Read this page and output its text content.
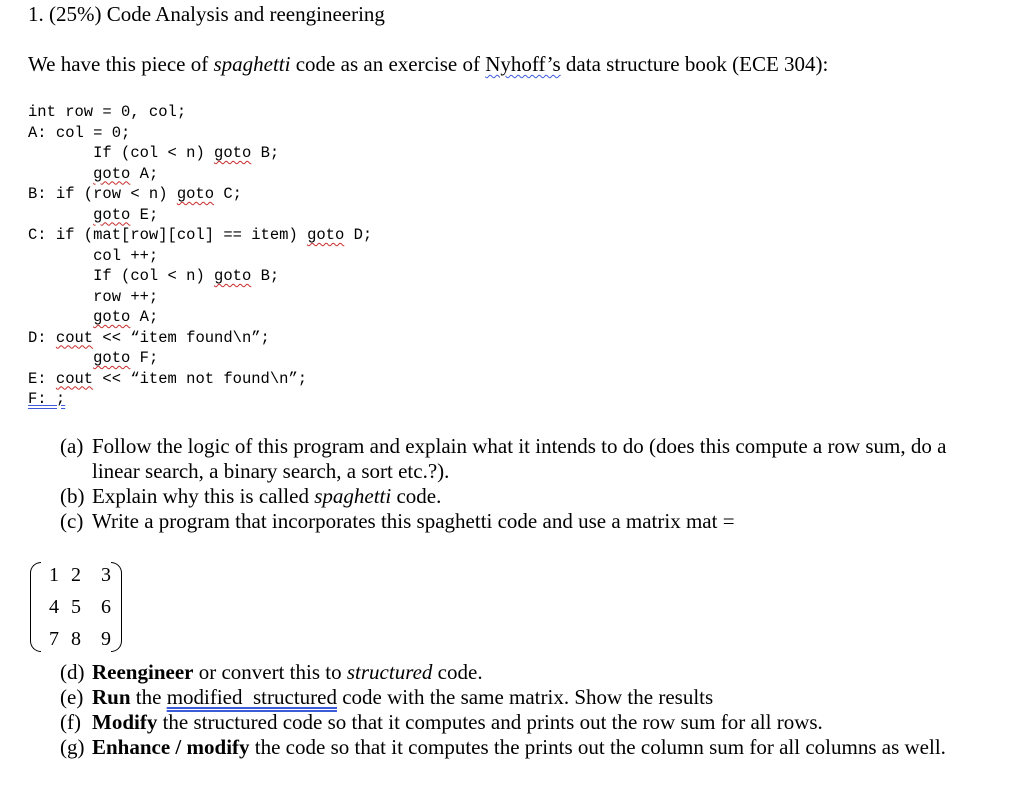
1. (25%) Code Analysis and reengineering
We have this piece of spaghetti code as an exercise of Nyhoff’s data structure book (ECE 304):
int row = 0, col;
A: col = 0;
If (col < n) goto B;
goto A;
B: if (row < n) goto C;
goto E;
C: if (mat[row][col] == item) goto D;
col ++;
If (col < n) goto B;
row ++;
goto A;
D: cout << “item found\n”;
goto F;
E: cout << “item not found\n”;
F: ;
(a) Follow the logic of this program and explain what it intends to do (does this compute a row sum, do a linear search, a binary search, a sort etc.?).
(b) Explain why this is called spaghetti code.
(c) Write a program that incorporates this spaghetti code and use a matrix mat =
1 2 3
4 5 6
7 8 9
(d) Reengineer or convert this to structured code.
(e) Run the modified  structured code with the same matrix. Show the results
(f) Modify the structured code so that it computes and prints out the row sum for all rows.
(g) Enhance / modify the code so that it computes the prints out the column sum for all columns as well.
